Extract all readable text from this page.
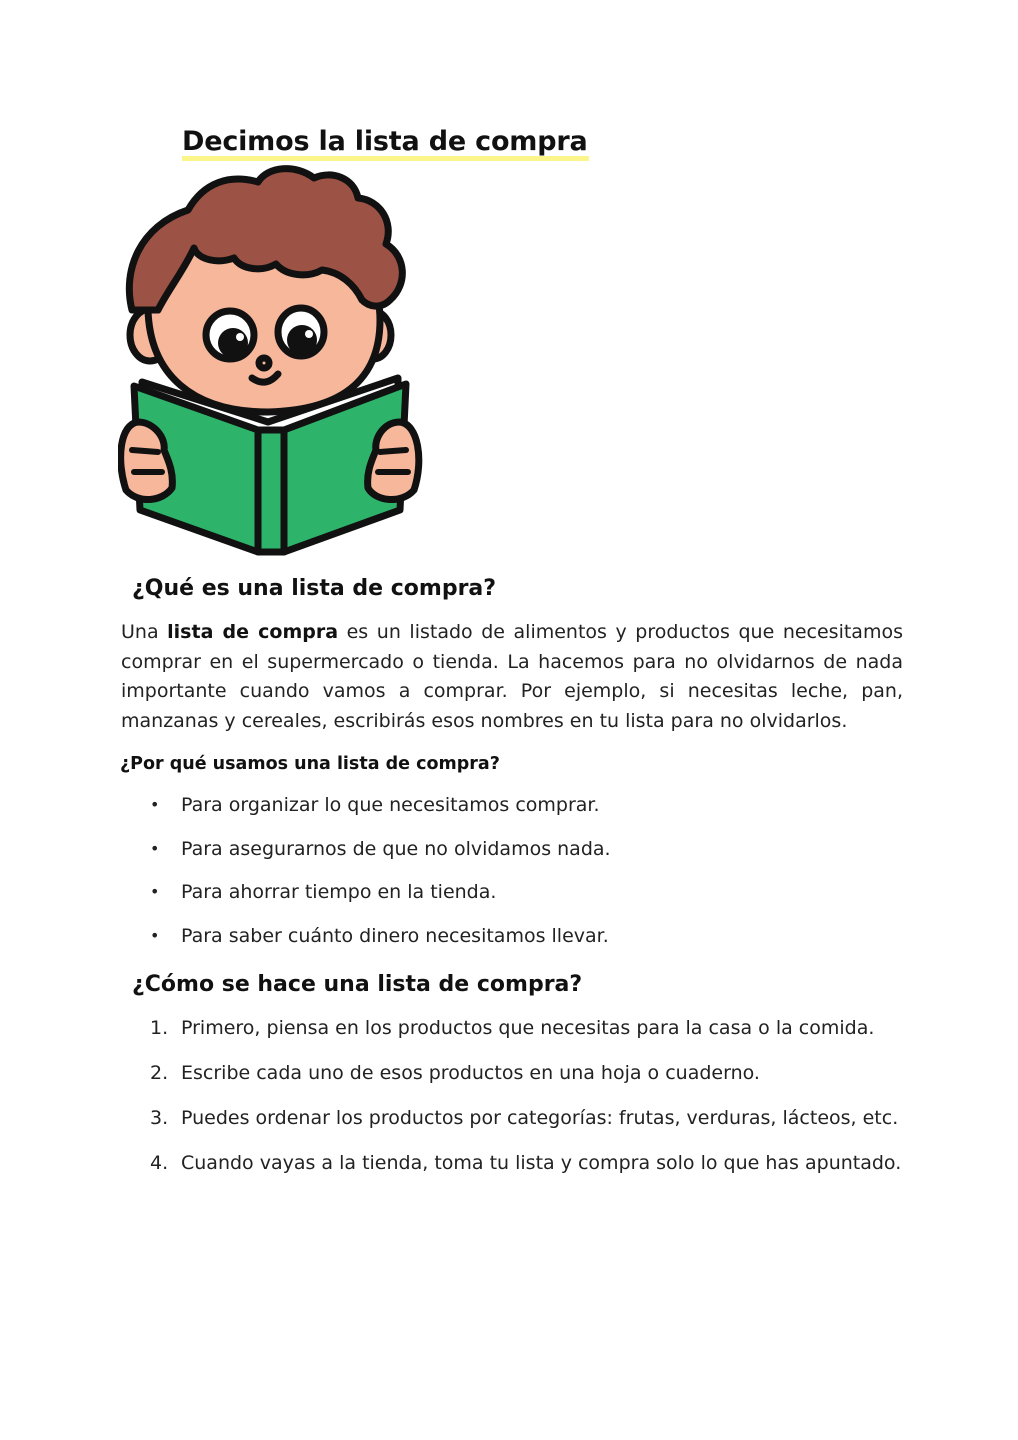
Decimos la lista de compra
¿Qué es una lista de compra?

Una lista de compra es un listado de alimentos y productos que necesitamos comprar en el supermercado o tienda. La hacemos para no olvidarnos de nada importante cuando vamos a comprar. Por ejemplo, si necesitas leche, pan, manzanas y cereales, escribirás esos nombres en tu lista para no olvidarlos.

¿Por qué usamos una lista de compra?
• Para organizar lo que necesitamos comprar.
• Para asegurarnos de que no olvidamos nada.
• Para ahorrar tiempo en la tienda.
• Para saber cuánto dinero necesitamos llevar.
¿Cómo se hace una lista de compra?
1. Primero, piensa en los productos que necesitas para la casa o la comida.
2. Escribe cada uno de esos productos en una hoja o cuaderno.
3. Puedes ordenar los productos por categorías: frutas, verduras, lácteos, etc.
4. Cuando vayas a la tienda, toma tu lista y compra solo lo que has apuntado.
